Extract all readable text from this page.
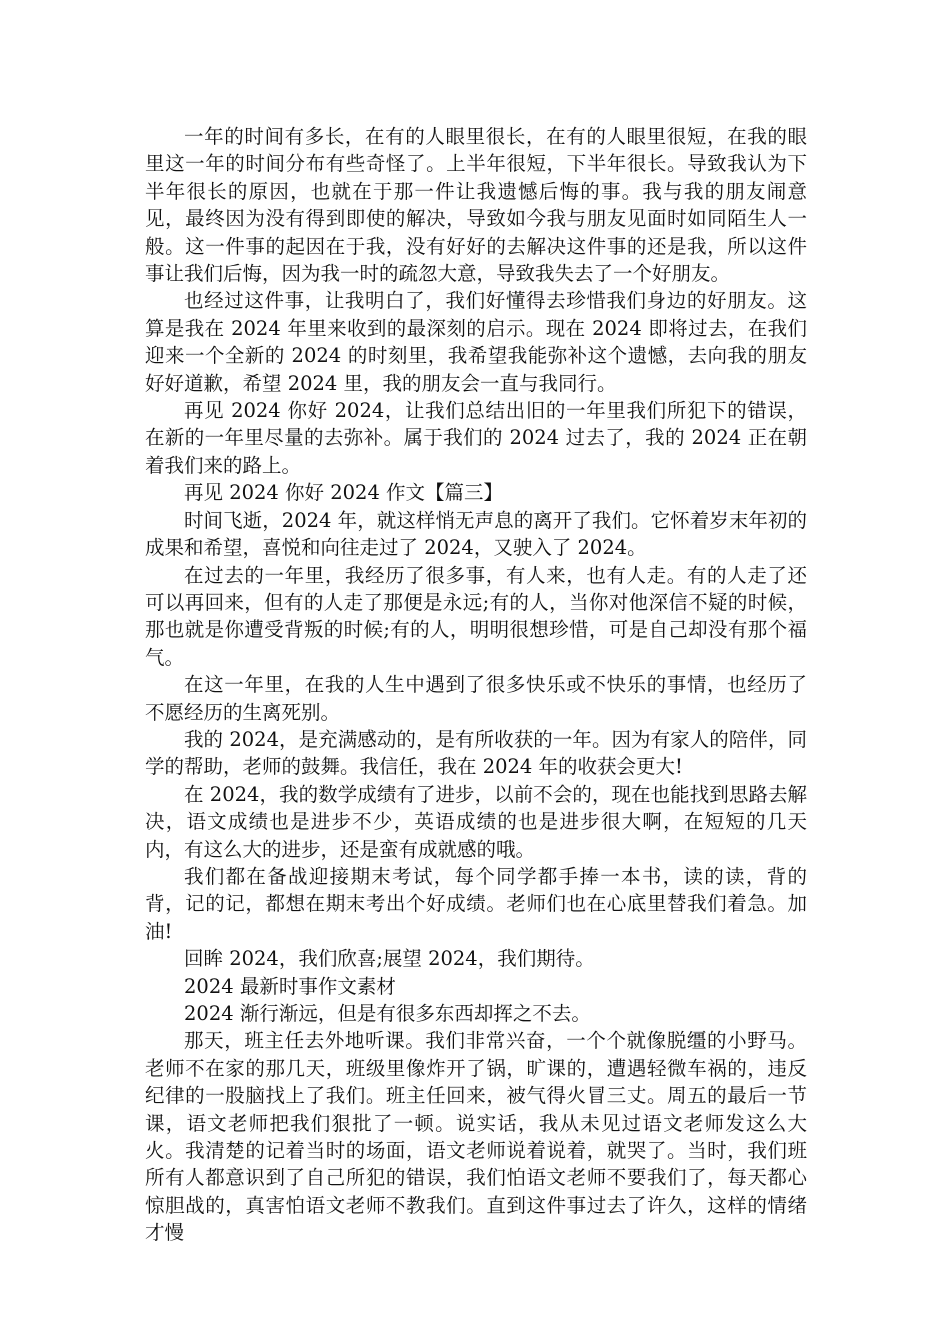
一年的时间有多长，在有的人眼里很长，在有的人眼里很短，在我的眼里这一年的时间分布有些奇怪了。上半年很短，下半年很长。导致我认为下半年很长的原因，也就在于那一件让我遗憾后悔的事。我与我的朋友闹意见，最终因为没有得到即使的解决，导致如今我与朋友见面时如同陌生人一般。这一件事的起因在于我，没有好好的去解决这件事的还是我，所以这件事让我们后悔，因为我一时的疏忽大意，导致我失去了一个好朋友。

也经过这件事，让我明白了，我们好懂得去珍惜我们身边的好朋友。这算是我在 2024 年里来收到的最深刻的启示。现在 2024 即将过去，在我们迎来一个全新的 2024 的时刻里，我希望我能弥补这个遗憾，去向我的朋友好好道歉，希望 2024 里，我的朋友会一直与我同行。

再见 2024 你好 2024，让我们总结出旧的一年里我们所犯下的错误，在新的一年里尽量的去弥补。属于我们的 2024 过去了，我的 2024 正在朝着我们来的路上。

再见 2024 你好 2024 作文【篇三】

时间飞逝，2024 年，就这样悄无声息的离开了我们。它怀着岁末年初的成果和希望，喜悦和向往走过了 2024，又驶入了 2024。

在过去的一年里，我经历了很多事，有人来，也有人走。有的人走了还可以再回来，但有的人走了那便是永远;有的人，当你对他深信不疑的时候，那也就是你遭受背叛的时候;有的人，明明很想珍惜，可是自己却没有那个福气。

在这一年里，在我的人生中遇到了很多快乐或不快乐的事情，也经历了不愿经历的生离死别。

我的 2024，是充满感动的，是有所收获的一年。因为有家人的陪伴，同学的帮助，老师的鼓舞。我信任，我在 2024 年的收获会更大!

在 2024，我的数学成绩有了进步，以前不会的，现在也能找到思路去解决，语文成绩也是进步不少，英语成绩的也是进步很大啊，在短短的几天内，有这么大的进步，还是蛮有成就感的哦。

我们都在备战迎接期末考试，每个同学都手捧一本书，读的读，背的背，记的记，都想在期末考出个好成绩。老师们也在心底里替我们着急。加油!

回眸 2024，我们欣喜;展望 2024，我们期待。

2024 最新时事作文素材

2024 渐行渐远，但是有很多东西却挥之不去。

那天，班主任去外地听课。我们非常兴奋，一个个就像脱缰的小野马。老师不在家的那几天，班级里像炸开了锅，旷课的，遭遇轻微车祸的，违反纪律的一股脑找上了我们。班主任回来，被气得火冒三丈。周五的最后一节课，语文老师把我们狠批了一顿。说实话，我从未见过语文老师发这么大火。我清楚的记着当时的场面，语文老师说着说着，就哭了。当时，我们班所有人都意识到了自己所犯的错误，我们怕语文老师不要我们了，每天都心惊胆战的，真害怕语文老师不教我们。直到这件事过去了许久，这样的情绪才慢
